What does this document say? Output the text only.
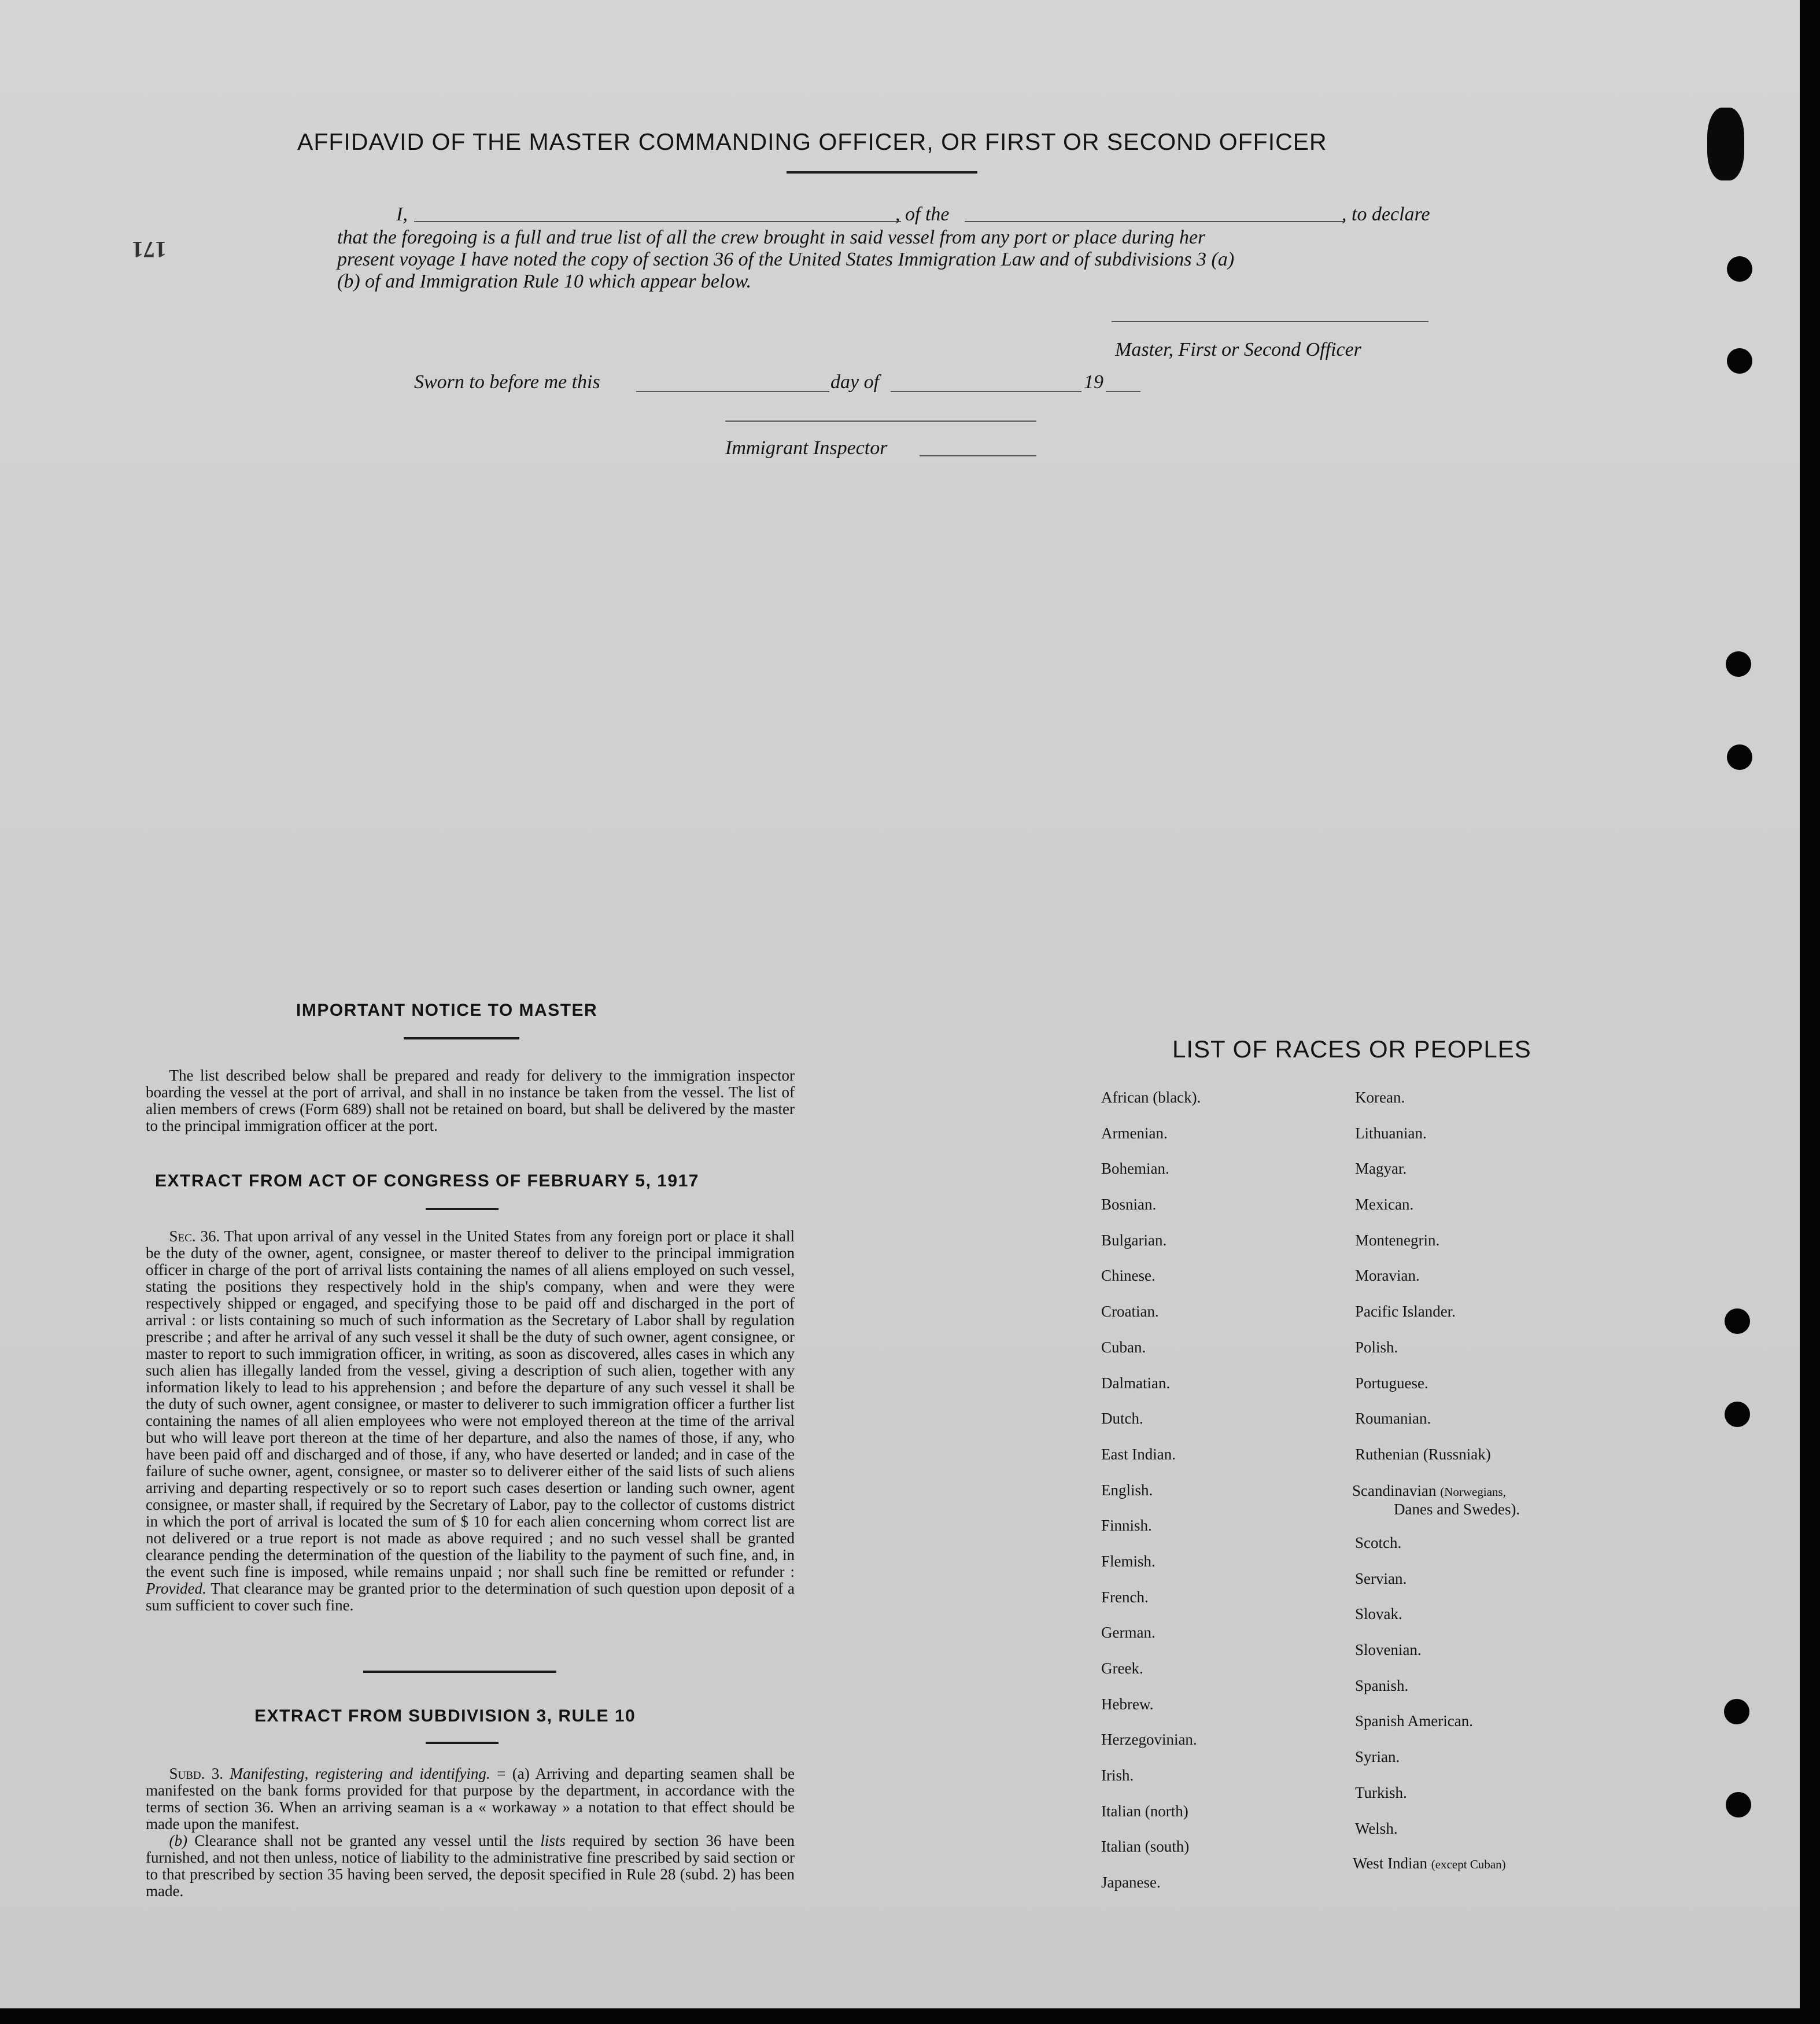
171
AFFIDAVID OF THE MASTER COMMANDING OFFICER, OR FIRST OR SECOND OFFICER
I,	, of the	, to declare
that the foregoing is a full and true list of all the crew brought in said vessel from any port or place during her
present voyage I have noted the copy of section 36 of the United States Immigration Law and of subdivisions 3 (a)
(b) of and Immigration Rule 10 which appear below.
Master, First or Second Officer
Sworn to before me this	day of	19
Immigrant Inspector
IMPORTANT NOTICE TO MASTER
The list described below shall be prepared and ready for delivery to the immigration inspector boarding the vessel at the port of arrival, and shall in no instance be taken from the vessel. The list of alien members of crews (Form 689) shall not be retained on board, but shall be delivered by the master to the principal immigration officer at the port.
EXTRACT FROM ACT OF CONGRESS OF FEBRUARY 5, 1917

Sec. 36. That upon arrival of any vessel in the United States from any foreign port or place it shall be the duty of the owner, agent, consignee, or master thereof to deliver to the principal immigration officer in charge of the port of arrival lists containing the names of all aliens employed on such vessel, stating the positions they respectively hold in the ship's company, when and were they were respectively shipped or engaged, and specifying those to be paid off and discharged in the port of arrival : or lists containing so much of such information as the Secretary of Labor shall by regulation prescribe ; and after he arrival of any such vessel it shall be the duty of such owner, agent consignee, or master to report to such immigration officer, in writing, as soon as discovered, alles cases in which any such alien has illegally landed from the vessel, giving a description of such alien, together with any information likely to lead to his apprehension ; and before the departure of any such vessel it shall be the duty of such owner, agent consignee, or master to deliverer to such immigration officer a further list containing the names of all alien employees who were not employed thereon at the time of the arrival but who will leave port thereon at the time of her departure, and also the names of those, if any, who have been paid off and discharged and of those, if any, who have deserted or landed; and in case of the failure of suche owner, agent, consignee, or master so to deliverer either of the said lists of such aliens arriving and departing respectively or so to report such cases desertion or landing such owner, agent consignee, or master shall, if required by the Secretary of Labor, pay to the collector of customs district in which the port of arrival is located the sum of $ 10 for each alien concerning whom correct list are not delivered or a true report is not made as above required ; and no such vessel shall be granted clearance pending the determination of the question of the liability to the payment of such fine, and, in the event such fine is imposed, while remains unpaid ; nor shall such fine be remitted or refunder : Provided. That clearance may be granted prior to the determination of such question upon deposit of a sum sufficient to cover such fine.

EXTRACT FROM SUBDIVISION 3, RULE 10

Subd. 3. Manifesting, registering and identifying. = (a) Arriving and departing seamen shall be manifested on the bank forms provided for that purpose by the department, in accordance with the terms of section 36. When an arriving seaman is a « workaway » a notation to that effect should be made upon the manifest.

(b) Clearance shall not be granted any vessel until the lists required by section 36 have been furnished, and not then unless, notice of liability to the administrative fine prescribed by said section or to that prescribed by section 35 having been served, the deposit specified in Rule 28 (subd. 2) has been made.

LIST OF RACES OR PEOPLES
African (black).
Armenian.
Bohemian.
Bosnian.
Bulgarian.
Chinese.
Croatian.
Cuban.
Dalmatian.
Dutch.
East Indian.
English.
Finnish.
Flemish.
French.
German.
Greek.
Hebrew.
Herzegovinian.
Irish.
Italian (north)
Italian (south)
Japanese.
Korean.
Lithuanian.
Magyar.
Mexican.
Montenegrin.
Moravian.
Pacific Islander.
Polish.
Portuguese.
Roumanian.
Ruthenian (Russniak)
Scandinavian (Norwegians,
Danes and Swedes).
Scotch.
Servian.
Slovak.
Slovenian.
Spanish.
Spanish American.
Syrian.
Turkish.
Welsh.
West Indian (except Cuban)
